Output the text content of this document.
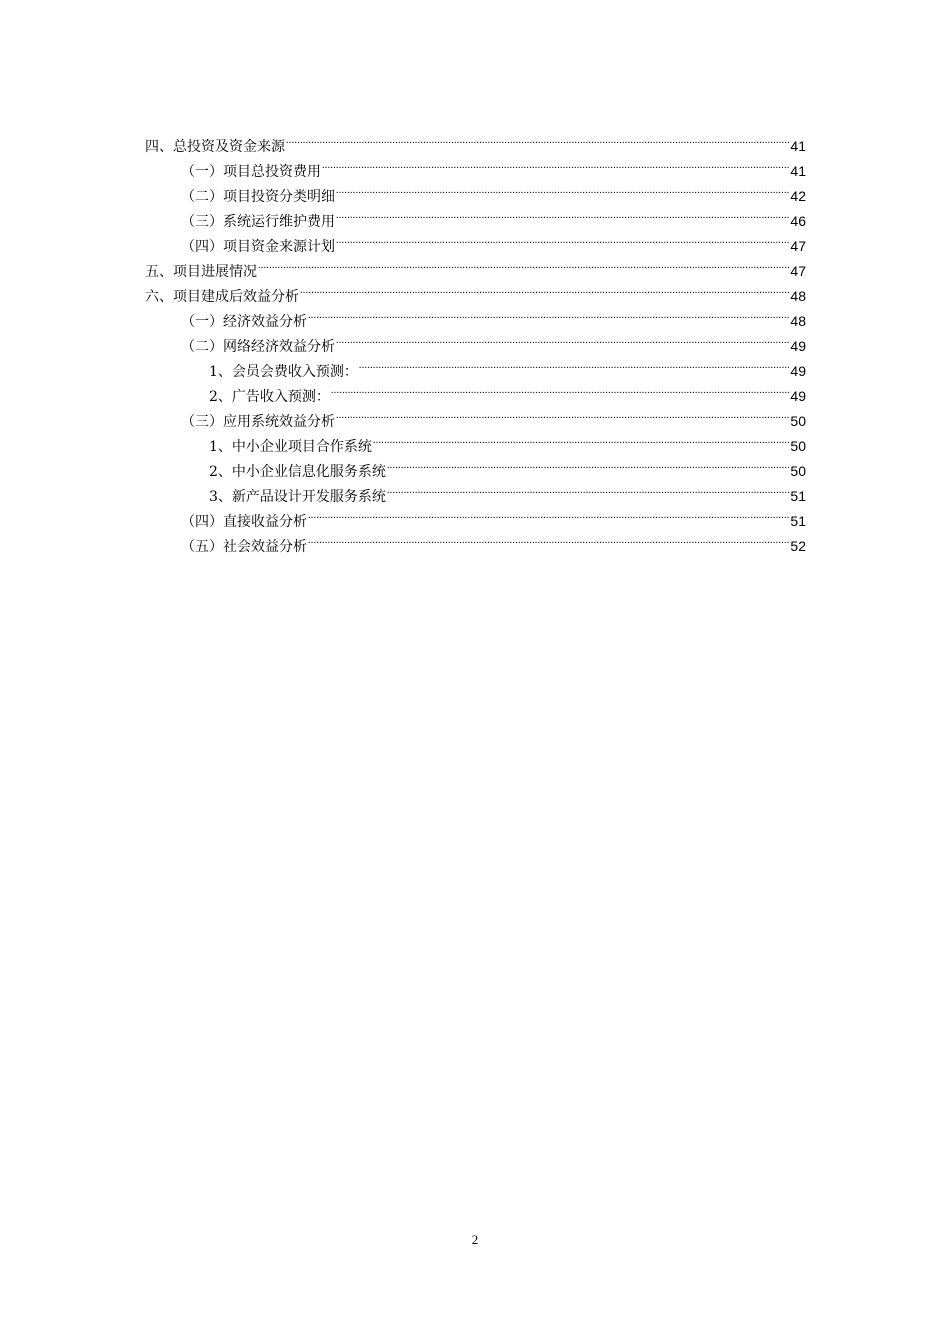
四、总投资及资金来源 .....	41
（一）项目总投资费用 .....	41
（二）项目投资分类明细 .....	42
（三）系统运行维护费用 .....	46
（四）项目资金来源计划 .....	47
五、项目进展情况 .....	47
六、项目建成后效益分析 .....	48
（一）经济效益分析 .....	48
（二）网络经济效益分析 .....	49
1、会员会费收入预测： .....	49
2、广告收入预测： .....	49
（三）应用系统效益分析 .....	50
1、中小企业项目合作系统 .....	50
2、中小企业信息化服务系统 .....	50
3、新产品设计开发服务系统 .....	51
（四）直接收益分析 .....	51
（五）社会效益分析 .....	52
2
